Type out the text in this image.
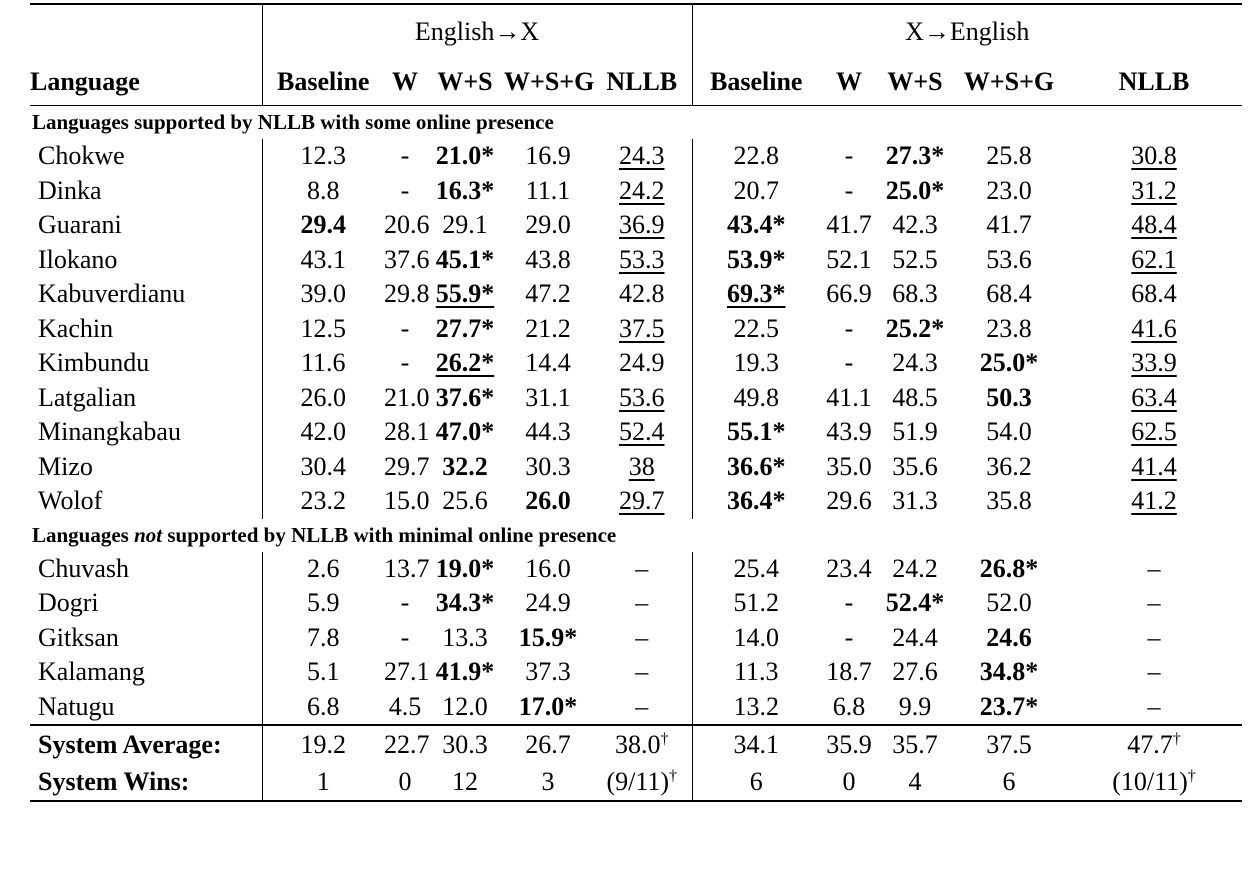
	English→X					X→English				
Language	Baseline	W	W+S	W+S+G	NLLB	Baseline	W	W+S	W+S+G	NLLB

Languages supported by NLLB with some online presence										
Chokwe	12.3	-	21.0*	16.9	24.3	22.8	-	27.3*	25.8	30.8
Dinka	8.8	-	16.3*	11.1	24.2	20.7	-	25.0*	23.0	31.2
Guarani	29.4	20.6	29.1	29.0	36.9	43.4*	41.7	42.3	41.7	48.4
Ilokano	43.1	37.6	45.1*	43.8	53.3	53.9*	52.1	52.5	53.6	62.1
Kabuverdianu	39.0	29.8	55.9*	47.2	42.8	69.3*	66.9	68.3	68.4	68.4
Kachin	12.5	-	27.7*	21.2	37.5	22.5	-	25.2*	23.8	41.6
Kimbundu	11.6	-	26.2*	14.4	24.9	19.3	-	24.3	25.0*	33.9
Latgalian	26.0	21.0	37.6*	31.1	53.6	49.8	41.1	48.5	50.3	63.4
Minangkabau	42.0	28.1	47.0*	44.3	52.4	55.1*	43.9	51.9	54.0	62.5
Mizo	30.4	29.7	32.2	30.3	38	36.6*	35.0	35.6	36.2	41.4
Wolof	23.2	15.0	25.6	26.0	29.7	36.4*	29.6	31.3	35.8	41.2
Languages not supported by NLLB with minimal online presence										
Chuvash	2.6	13.7	19.0*	16.0	–	25.4	23.4	24.2	26.8*	–
Dogri	5.9	-	34.3*	24.9	–	51.2	-	52.4*	52.0	–
Gitksan	7.8	-	13.3	15.9*	–	14.0	-	24.4	24.6	–
Kalamang	5.1	27.1	41.9*	37.3	–	11.3	18.7	27.6	34.8*	–
Natugu	6.8	4.5	12.0	17.0*	–	13.2	6.8	9.9	23.7*	–

System Average:	19.2	22.7	30.3	26.7	38.0†	34.1	35.9	35.7	37.5	47.7†
System Wins:	1	0	12	3	(9/11)†	6	0	4	6	(10/11)†
